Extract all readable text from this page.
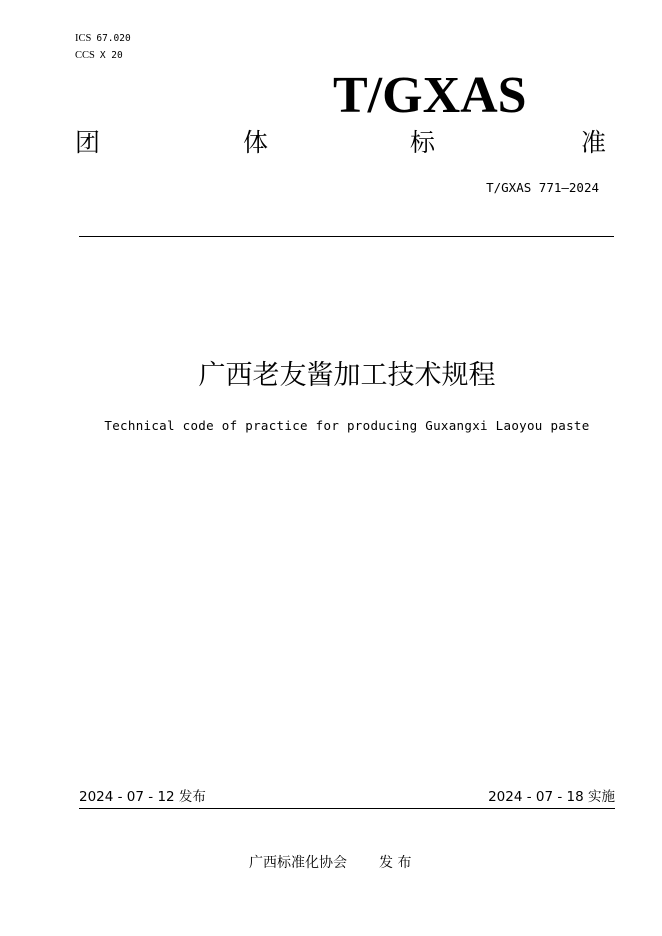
ICS 67.020
CCS X 20
T/GXAS
团	体	标	准
T/GXAS 771—2024
广西老友酱加工技术规程
Technical code of practice for producing Guxangxi Laoyou paste
2024 - 07 - 12 发布	2024 - 07 - 18 实施
广西标准化协会 发 布
